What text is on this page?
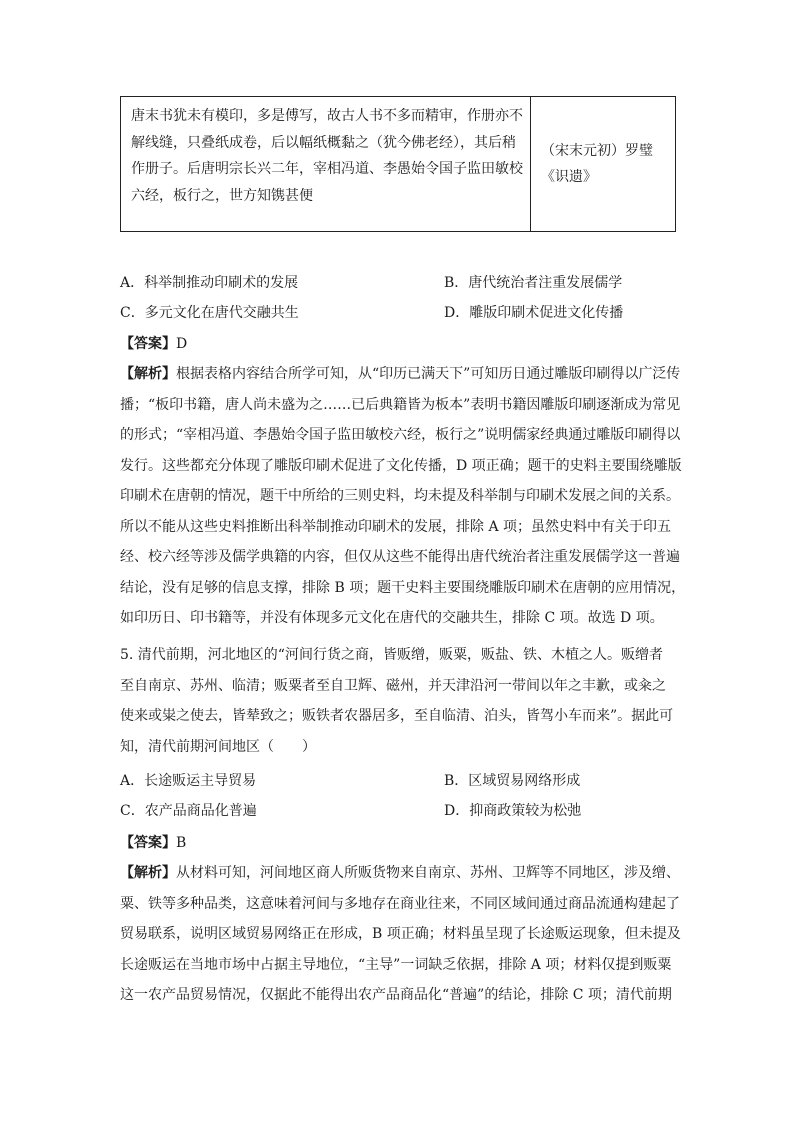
唐末书犹未有模印，多是傅写，故古人书不多而精审，作册亦不
解线缝，只叠纸成卷，后以幅纸概黏之（犹今佛老经），其后稍
作册子。后唐明宗长兴二年，宰相冯道、李愚始令国子监田敏校
六经，板行之，世方知镌甚便
（宋末元初）罗璧
《识遗》
A．科举制推动印刷术的发展	B．唐代统治者注重发展儒学
C．多元文化在唐代交融共生	D．雕版印刷术促进文化传播
【答案】D

【解析】根据表格内容结合所学可知，从“印历已满天下”可知历日通过雕版印刷得以广泛传

播；“板印书籍，唐人尚未盛为之……已后典籍皆为板本”表明书籍因雕版印刷逐渐成为常见

的形式；“宰相冯道、李愚始令国子监田敏校六经，板行之”说明儒家经典通过雕版印刷得以

发行。这些都充分体现了雕版印刷术促进了文化传播，D 项正确；题干的史料主要围绕雕版

印刷术在唐朝的情况，题干中所给的三则史料，均未提及科举制与印刷术发展之间的关系。

所以不能从这些史料推断出科举制推动印刷术的发展，排除 A 项；虽然史料中有关于印五

经、校六经等涉及儒学典籍的内容，但仅从这些不能得出唐代统治者注重发展儒学这一普遍

结论，没有足够的信息支撑，排除 B 项；题干史料主要围绕雕版印刷术在唐朝的应用情况，

如印历日、印书籍等，并没有体现多元文化在唐代的交融共生，排除 C 项。故选 D 项。

5. 清代前期，河北地区的“河间行货之商，皆贩缯，贩粟，贩盐、铁、木植之人。贩缯者

至自南京、苏州、临清；贩粟者至自卫辉、磁州，并天津沿河一带间以年之丰歉，或籴之

使来或粜之使去，皆辇致之；贩铁者农器居多，至自临清、泊头，皆驾小车而来”。据此可

知，清代前期河间地区（　　）

A．长途贩运主导贸易	B．区域贸易网络形成
C．农产品商品化普遍	D．抑商政策较为松弛
【答案】B

【解析】从材料可知，河间地区商人所贩货物来自南京、苏州、卫辉等不同地区，涉及缯、

粟、铁等多种品类，这意味着河间与多地存在商业往来，不同区域间通过商品流通构建起了

贸易联系，说明区域贸易网络正在形成，B 项正确；材料虽呈现了长途贩运现象，但未提及

长途贩运在当地市场中占据主导地位，“主导”一词缺乏依据，排除 A 项；材料仅提到贩粟

这一农产品贸易情况，仅据此不能得出农产品商品化“普遍”的结论，排除 C 项；清代前期
